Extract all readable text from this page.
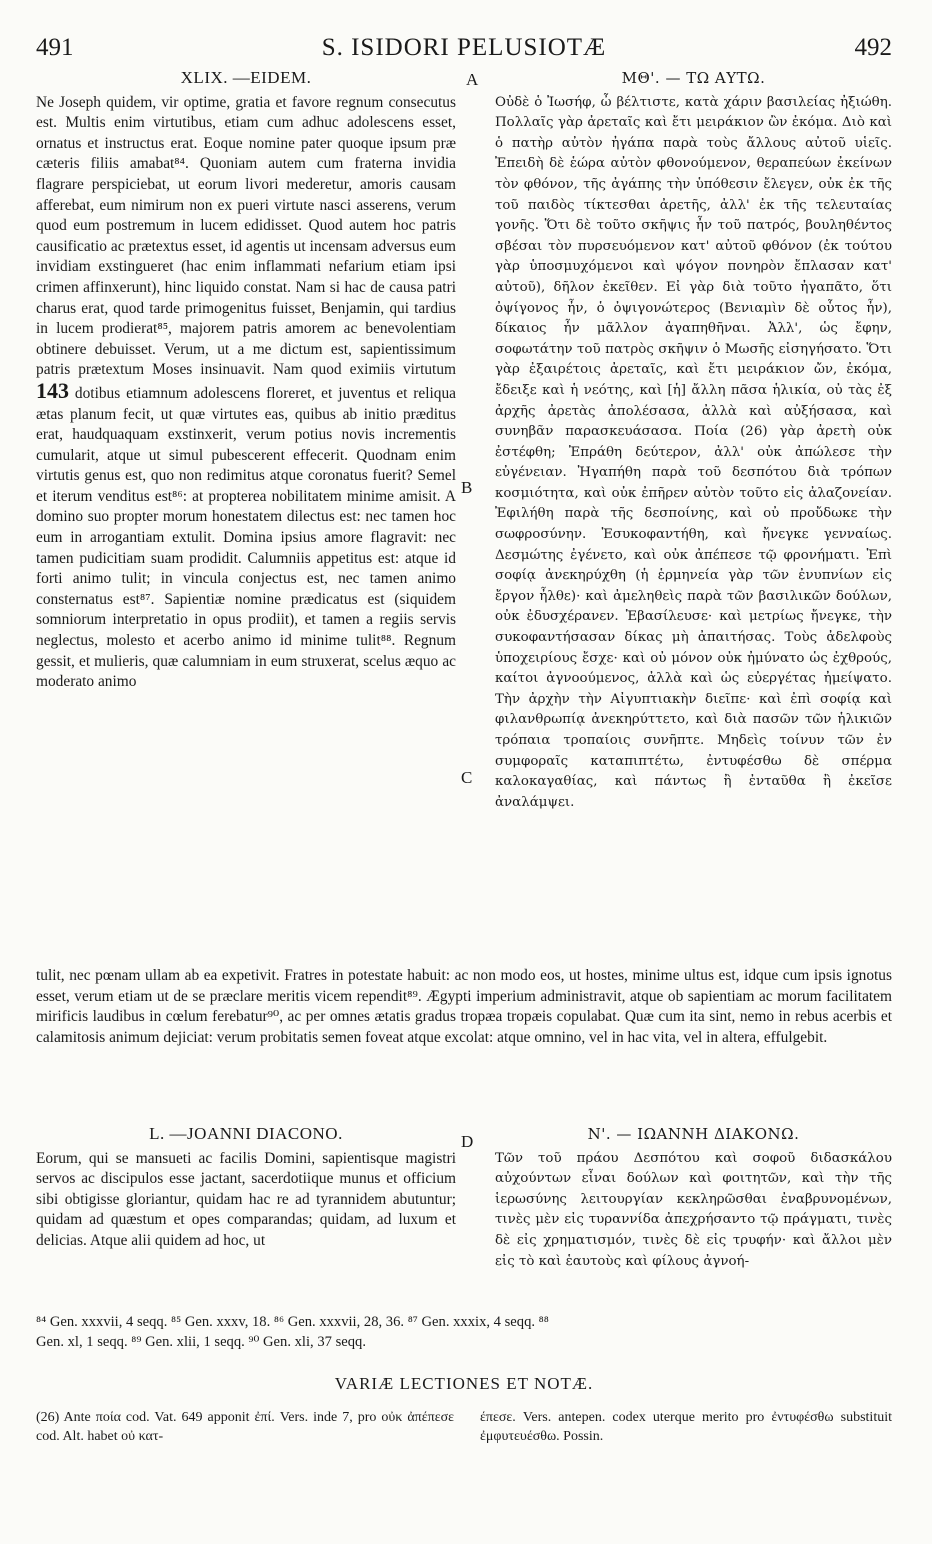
491	S. ISIDORI PELUSIOTÆ	492
A
B
C
D
XLIX. —EIDEM.

Ne Joseph quidem, vir optime, gratia et favore regnum consecutus est. Multis enim virtutibus, etiam cum adhuc adolescens esset, ornatus et instructus erat. Eoque nomine pater quoque ipsum præ cæteris filiis amabat⁸⁴. Quoniam autem cum fraterna invidia flagrare perspiciebat, ut eorum livori mederetur, amoris causam afferebat, eum nimirum non ex pueri virtute nasci asserens, verum quod eum postremum in lucem edidisset. Quod autem hoc patris causificatio ac prætextus esset, id agentis ut incensam adversus eum invidiam exstingueret (hac enim inflammati nefarium etiam ipsi crimen affinxerunt), hinc liquido constat. Nam si hac de causa patri charus erat, quod tarde primogenitus fuisset, Benjamin, qui tardius in lucem prodierat⁸⁵, majorem patris amorem ac benevolentiam obtinere debuisset. Verum, ut a me dictum est, sapientissimum patris prætextum Moses insinuavit. Nam quod eximiis virtutum 143 dotibus etiamnum adolescens floreret, et juventus et reliqua ætas planum fecit, ut quæ virtutes eas, quibus ab initio præditus erat, haudquaquam exstinxerit, verum potius novis incrementis cumularit, atque ut simul pubescerent effecerit. Quodnam enim virtutis genus est, quo non redimitus atque coronatus fuerit? Semel et iterum venditus est⁸⁶: at propterea nobilitatem minime amisit. A domino suo propter morum honestatem dilectus est: nec tamen hoc eum in arrogantiam extulit. Domina ipsius amore flagravit: nec tamen pudicitiam suam prodidit. Calumniis appetitus est: atque id forti animo tulit; in vincula conjectus est, nec tamen animo consternatus est⁸⁷. Sapientiæ nomine prædicatus est (siquidem somniorum interpretatio in opus prodiit), et tamen a regiis servis neglectus, molesto et acerbo animo id minime tulit⁸⁸. Regnum gessit, et mulieris, quæ calumniam in eum struxerat, scelus æquo ac moderato animo

ΜΘ'. — ΤΩ ΑΥΤΩ.

Οὐδὲ ὁ Ἰωσήφ, ὦ βέλτιστε, κατὰ χάριν βασιλείας ἠξιώθη. Πολλαῖς γὰρ ἀρεταῖς καὶ ἔτι μειράκιον ὢν ἐκόμα. Διὸ καὶ ὁ πατὴρ αὐτὸν ἠγάπα παρὰ τοὺς ἄλλους αὐτοῦ υἱεῖς. Ἐπειδὴ δὲ ἑώρα αὐτὸν φθονούμενον, θεραπεύων ἐκείνων τὸν φθόνον, τῆς ἀγάπης τὴν ὑπόθεσιν ἔλεγεν, οὐκ ἐκ τῆς τοῦ παιδὸς τίκτεσθαι ἀρετῆς, ἀλλ' ἐκ τῆς τελευταίας γονῆς. Ὅτι δὲ τοῦτο σκῆψις ἦν τοῦ πατρός, βουληθέντος σβέσαι τὸν πυρσευόμενον κατ' αὐτοῦ φθόνον (ἐκ τούτου γὰρ ὑποσμυχόμενοι καὶ ψόγον πονηρὸν ἔπλασαν κατ' αὐτοῦ), δῆλον ἐκεῖθεν. Εἰ γὰρ διὰ τοῦτο ἠγαπᾶτο, ὅτι ὀψίγονος ἦν, ὁ ὀψιγονώτερος (Βενιαμὶν δὲ οὗτος ἦν), δίκαιος ἦν μᾶλλον ἀγαπηθῆναι. Ἀλλ', ὡς ἔφην, σοφωτάτην τοῦ πατρὸς σκῆψιν ὁ Μωσῆς εἰσηγήσατο. Ὅτι γὰρ ἐξαιρέτοις ἀρεταῖς, καὶ ἔτι μειράκιον ὤν, ἐκόμα, ἔδειξε καὶ ἡ νεότης, καὶ [ἡ] ἄλλη πᾶσα ἡλικία, οὐ τὰς ἐξ ἀρχῆς ἀρετὰς ἀπολέσασα, ἀλλὰ καὶ αὐξήσασα, καὶ συνηβᾶν παρασκευάσασα. Ποία (26) γὰρ ἀρετὴ οὐκ ἐστέφθη; Ἐπράθη δεύτερον, ἀλλ' οὐκ ἀπώλεσε τὴν εὐγένειαν. Ἠγαπήθη παρὰ τοῦ δεσπότου διὰ τρόπων κοσμιότητα, καὶ οὐκ ἐπῆρεν αὐτὸν τοῦτο εἰς ἀλαζονείαν. Ἐφιλήθη παρὰ τῆς δεσποίνης, καὶ οὐ προὔδωκε τὴν σωφροσύνην. Ἐσυκοφαντήθη, καὶ ἤνεγκε γενναίως. Δεσμώτης ἐγένετο, καὶ οὐκ ἀπέπεσε τῷ φρονήματι. Ἐπὶ σοφίᾳ ἀνεκηρύχθη (ἡ ἑρμηνεία γὰρ τῶν ἐνυπνίων εἰς ἔργον ἦλθε)· καὶ ἀμεληθεὶς παρὰ τῶν βασιλικῶν δούλων, οὐκ ἐδυσχέρανεν. Ἐβασίλευσε· καὶ μετρίως ἤνεγκε, τὴν συκοφαντήσασαν δίκας μὴ ἀπαιτήσας. Τοὺς ἀδελφοὺς ὑποχειρίους ἔσχε· καὶ οὐ μόνον οὐκ ἠμύνατο ὡς ἐχθρούς, καίτοι ἀγνοούμενος, ἀλλὰ καὶ ὡς εὐεργέτας ἠμείψατο. Τὴν ἀρχὴν τὴν Αἰγυπτιακὴν διεῖπε· καὶ ἐπὶ σοφίᾳ καὶ φιλανθρωπίᾳ ἀνεκηρύττετο, καὶ διὰ πασῶν τῶν ἡλικιῶν τρόπαια τροπαίοις συνῆπτε. Μηδεὶς τοίνυν τῶν ἐν συμφοραῖς καταπιπτέτω, ἐντυφέσθω δὲ σπέρμα καλοκαγαθίας, καὶ πάντως ἢ ἐνταῦθα ἢ ἐκεῖσε ἀναλάμψει.

tulit, nec pœnam ullam ab ea expetivit. Fratres in potestate habuit: ac non modo eos, ut hostes, minime ultus est, idque cum ipsis ignotus esset, verum etiam ut de se præclare meritis vicem rependit⁸⁹. Ægypti imperium administravit, atque ob sapientiam ac morum facilitatem mirificis laudibus in cœlum ferebatur⁹⁰, ac per omnes ætatis gradus tropæa tropæis copulabat. Quæ cum ita sint, nemo in rebus acerbis et calamitosis animum dejiciat: verum probitatis semen foveat atque excolat: atque omnino, vel in hac vita, vel in altera, effulgebit.
L. —JOANNI DIACONO.

Eorum, qui se mansueti ac facilis Domini, sapientisque magistri servos ac discipulos esse jactant, sacerdotiique munus et officium sibi obtigisse gloriantur, quidam hac re ad tyrannidem abutuntur; quidam ad quæstum et opes comparandas; quidam, ad luxum et delicias. Atque alii quidem ad hoc, ut

Ν'. — ΙΩΑΝΝΗ ΔΙΑΚΟΝΩ.

Τῶν τοῦ πράου Δεσπότου καὶ σοφοῦ διδασκάλου αὐχούντων εἶναι δούλων καὶ φοιτητῶν, καὶ τὴν τῆς ἱερωσύνης λειτουργίαν κεκληρῶσθαι ἐναβρυνομένων, τινὲς μὲν εἰς τυραννίδα ἀπεχρήσαντο τῷ πράγματι, τινὲς δὲ εἰς χρηματισμόν, τινὲς δὲ εἰς τρυφήν· καὶ ἄλλοι μὲν εἰς τὸ καὶ ἑαυτοὺς καὶ φίλους ἀγνοή-

⁸⁴ Gen. xxxvii, 4 seqq. ⁸⁵ Gen. xxxv, 18. ⁸⁶ Gen. xxxvii, 28, 36. ⁸⁷ Gen. xxxix, 4 seqq. ⁸⁸
Gen. xl, 1 seqq. ⁸⁹ Gen. xlii, 1 seqq. ⁹⁰ Gen. xli, 37 seqq.
VARIÆ LECTIONES ET NOTÆ.
(26) Ante ποία cod. Vat. 649 apponit ἐπί. Vers. inde 7, pro οὐκ ἀπέπεσε cod. Alt. habet οὐ κατ-
έπεσε. Vers. antepen. codex uterque merito pro ἐντυφέσθω substituit ἐμφυτευέσθω. Possin.
